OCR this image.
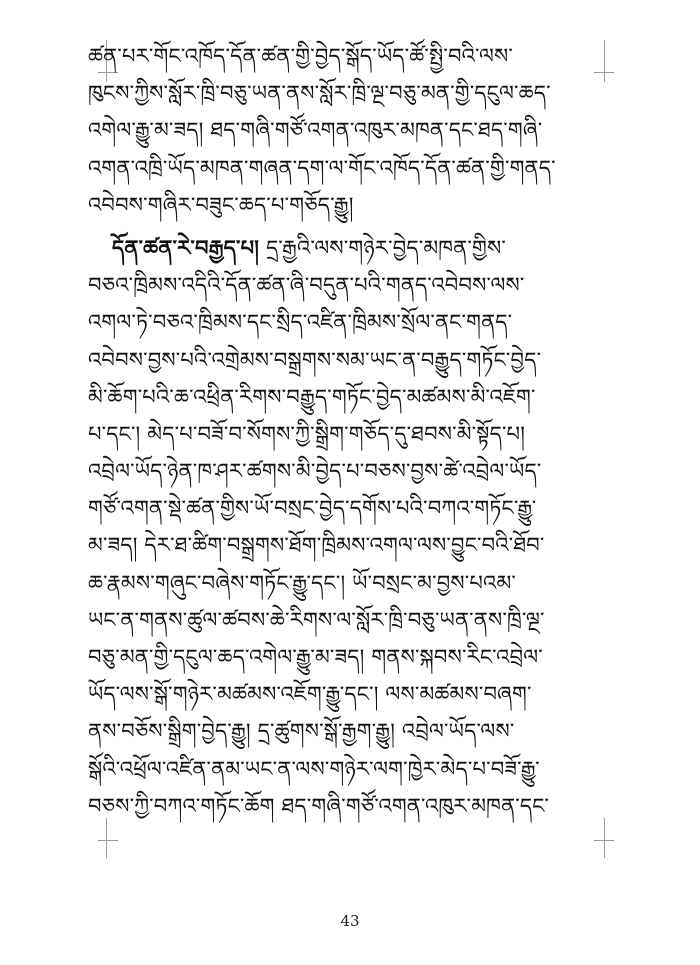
ཚན་པར་གོང་འཁོད་དོན་ཚན་གྱི་བྱེད་སྒོད་ཡོད་ཚོ་སྤྱི་བའི་ལས་
ཁུངས་ཀྱིས་སློར་ཁྲི་བཅུ་ཡན་ནས་སློར་ཁྲི་ལྔ་བཅུ་མན་གྱི་དངུལ་ཆད་
འགེལ་རྒྱུ་མ་ཟད། ཐད་གཞི་གཙོ་འགན་འཁུར་མཁན་དང་ཐད་གཞི་
འགན་འཁྲི་ཡོད་མཁན་གཞན་དག་ལ་གོང་འཁོད་དོན་ཚན་གྱི་གནད་
འབེབས་གཞིར་བཟུང་ཆད་པ་གཅོད་རྒྱུ།
དོན་ཚན་རེ་བརྒྱད་པ། དྲ་རྒྱའི་ལས་གཉེར་བྱེད་མཁན་གྱིས་
བཅའ་ཁྲིམས་འདིའི་དོན་ཚན་ཞི་བདུན་པའི་གནད་འབེབས་ལས་
འགལ་ཏེ་བཅའ་ཁྲིམས་དང་སྲིད་འཛིན་ཁྲིམས་སྲོལ་ནང་གནད་
འབེབས་བྱས་པའི་འགྲེམས་བསྒྲགས་སམ་ཡང་ན་བརྒྱུད་གཏོང་བྱེད་
མི་ཆོག་པའི་ཆ་འཕྲིན་རིགས་བརྒྱུད་གཏོང་བྱེད་མཚམས་མི་འཇོག་
པ་དང་། མེད་པ་བཟོ་བ་སོགས་ཀྱི་སྒྲིག་གཅོད་དུ་ཐབས་མི་སྟོད་པ།
འབྲེལ་ཡོད་ཉེན་ཁ་ཤར་ཚགས་མི་བྱེད་པ་བཅས་བྱས་ཚེ་འབྲེལ་ཡོད་
གཙོ་འགན་སྡེ་ཚན་གྱིས་ཡོ་བསྲང་བྱེད་དགོས་པའི་བཀའ་གཏོང་རྒྱུ་
མ་ཟད། དེར་ཐ་ཚིག་བསྒྲགས་ཐོག་ཁྲིམས་འགལ་ལས་བྱུང་བའི་ཐོབ་
ཆ་རྣམས་གཞུང་བཞེས་གཏོང་རྒྱུ་དང་། ཡོ་བསྲང་མ་བྱས་པའམ་
ཡང་ན་གནས་ཚུལ་ཚབས་ཆེ་རིགས་ལ་སློར་ཁྲི་བཅུ་ཡན་ནས་ཁྲི་ལྔ་
བཅུ་མན་གྱི་དངུལ་ཆད་འགེལ་རྒྱུ་མ་ཟད། གནས་སྐབས་རིང་འབྲེལ་
ཡོད་ལས་སྒོ་གཉེར་མཚམས་འཇོག་རྒྱུ་དང་། ལས་མཚམས་བཞག་
ནས་བཅོས་སྒྲིག་བྱེད་རྒྱུ། དྲ་ཚུགས་སྒོ་རྒྱག་རྒྱུ། འབྲེལ་ཡོད་ལས་
སྒོའི་འཕྲོལ་འཛིན་ནམ་ཡང་ན་ལས་གཉེར་ལག་ཁྱེར་མེད་པ་བཟོ་རྒྱུ་
བཅས་ཀྱི་བཀའ་གཏོང་ཆོག ཐད་གཞི་གཙོ་འགན་འཁུར་མཁན་དང་
43
